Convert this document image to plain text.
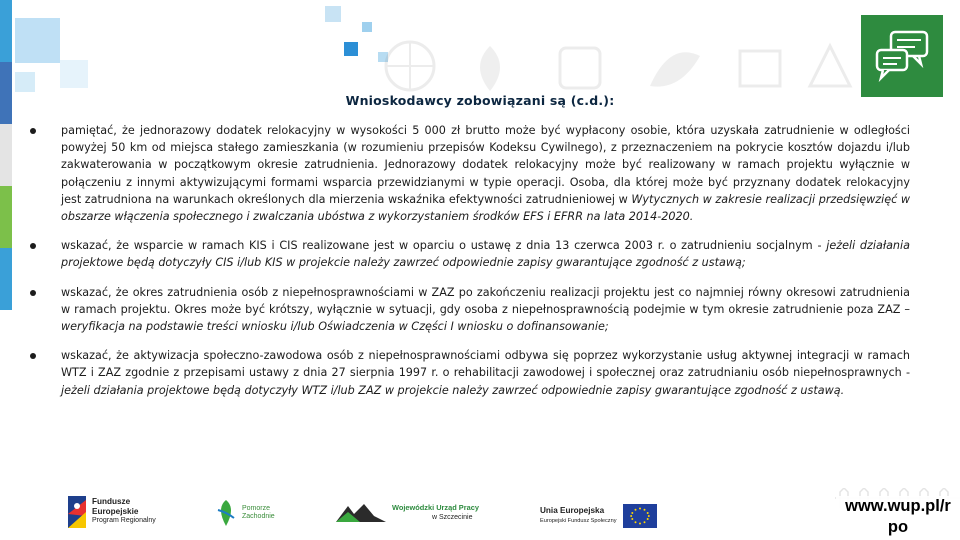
Wnioskodawcy zobowiązani są (c.d.):
pamiętać, że jednorazowy dodatek relokacyjny w wysokości 5 000 zł brutto może być wypłacony osobie, która uzyskała zatrudnienie w odległości powyżej 50 km od miejsca stałego zamieszkania (w rozumieniu przepisów Kodeksu Cywilnego), z przeznaczeniem na pokrycie kosztów dojazdu i/lub zakwaterowania w początkowym okresie zatrudnienia. Jednorazowy dodatek relokacyjny może być realizowany w ramach projektu wyłącznie w połączeniu z innymi aktywizującymi formami wsparcia przewidzianymi w typie operacji. Osoba, dla której może być przyznany dodatek relokacyjny jest zatrudniona na warunkach określonych dla mierzenia wskaźnika efektywności zatrudnieniowej w Wytycznych w zakresie realizacji przedsięwzięć w obszarze włączenia społecznego i zwalczania ubóstwa z wykorzystaniem środków EFS i EFRR na lata 2014-2020.
wskazać, że wsparcie w ramach KIS i CIS realizowane jest w oparciu o ustawę z dnia 13 czerwca 2003 r. o zatrudnieniu socjalnym - jeżeli działania projektowe będą dotyczyły CIS i/lub KIS w projekcie należy zawrzeć odpowiednie zapisy gwarantujące zgodność z ustawą;
wskazać, że okres zatrudnienia osób z niepełnosprawnościami w ZAZ po zakończeniu realizacji projektu jest co najmniej równy okresowi zatrudnienia w ramach projektu. Okres może być krótszy, wyłącznie w sytuacji, gdy osoba z niepełnosprawnością podejmie w tym okresie zatrudnienie poza ZAZ – weryfikacja na podstawie treści wniosku i/lub Oświadczenia w Części I wniosku o dofinansowanie;
wskazać, że aktywizacja społeczno-zawodowa osób z niepełnosprawnościami odbywa się poprzez wykorzystanie usług aktywnej integracji w ramach WTZ i ZAZ zgodnie z przepisami ustawy z dnia 27 sierpnia 1997 r. o rehabilitacji zawodowej i społecznej oraz zatrudnianiu osób niepełnosprawnych - jeżeli działania projektowe będą dotyczyły WTZ i/lub ZAZ w projekcie należy zawrzeć odpowiednie zapisy gwarantujące zgodność z ustawą.
Fundusze
Europejskie
Program Regionalny
Pomorze
Zachodnie
Wojewódzki Urząd Pracy
w Szczecinie
Unia Europejska
Europejski Fundusz Społeczny
www.wup.pl/r
po
